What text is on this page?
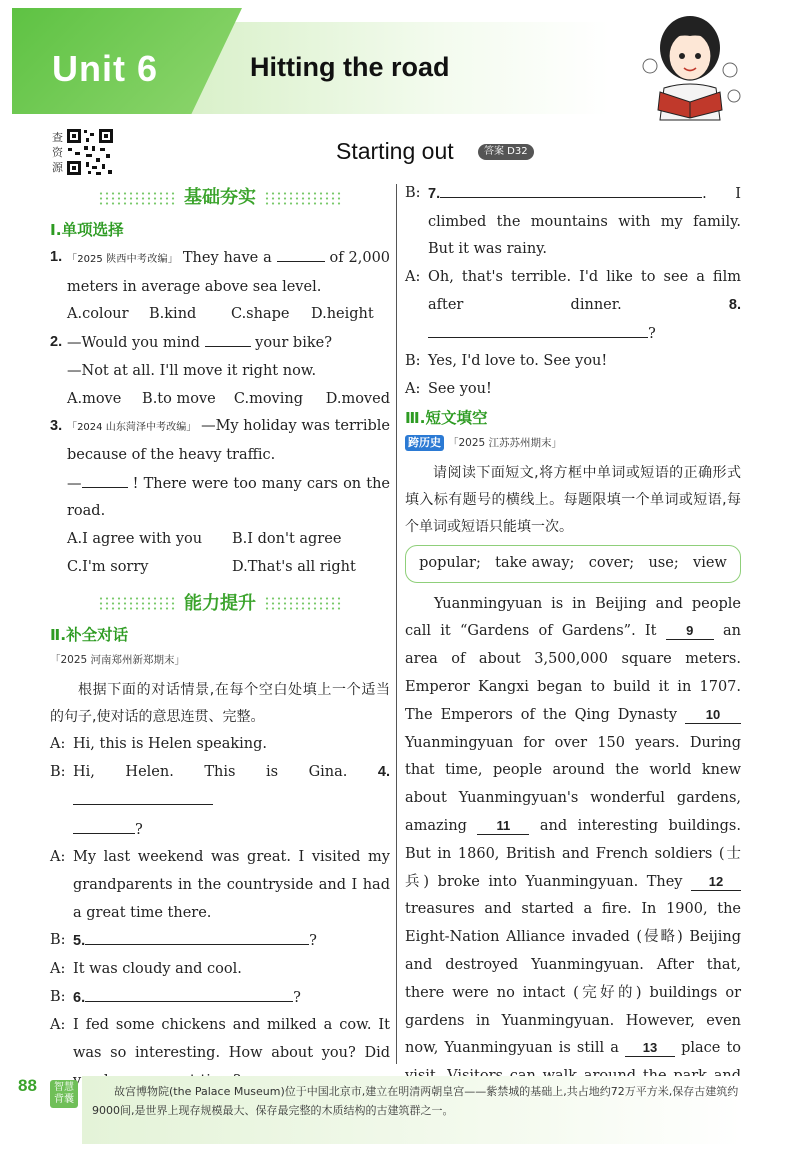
Unit 6	Hitting the road
查资源
Starting out	答案 D32
基础夯实
Ⅰ.单项选择
1. 「2025 陕西中考改编」 They have a	of 2,000 meters in average above sea level.
A.colour	B.kind	C.shape	D.height
2. —Would you mind	your bike?
—Not at all. I'll move it right now.
A.move	B.to move	C.moving	D.moved
3. 「2024 山东菏泽中考改编」 —My holiday was terrible because of the heavy traffic.
—	! There were too many cars on the road.
A.I agree with you	B.I don't agree
C.I'm sorry	D.That's all right
能力提升
Ⅱ.补全对话
「2025 河南郑州新郑期末」
根据下面的对话情景,在每个空白处填上一个适当的句子,使对话的意思连贯、完整。
A: Hi, this is Helen speaking.
B: Hi, Helen. This is Gina. 4.
?
A: My last weekend was great. I visited my grandparents in the countryside and I had a great time there.
B: 5.	?
A: It was cloudy and cool.
B: 6.	?
A: I fed some chickens and milked a cow. It was so interesting. How about you? Did
B: 7.	. I climbed the mountains with my family. But it was rainy.
A: Oh, that's terrible. I'd like to see a film after dinner.	8.?
B: Yes, I'd love to. See you!
A: See you!
Ⅲ.短文填空
跨历史 「2025 江苏苏州期末」
请阅读下面短文,将方框中单词或短语的正确形式填入标有题号的横线上。每题限填一个单词或短语,每个单词或短语只能填一次。
popular; take away; cover; use; view
Yuanmingyuan is in Beijing and people call it “Gardens of Gardens”. It 9 an area of about 3,500,000 square meters. Emperor Kangxi began to build it in 1707. The Emperors of the Qing Dynasty 10 Yuanmingyuan for over 150 years. During that time, people around the world knew about Yuanmingyuan's wonderful gardens, amazing 11 and interesting buildings. But in 1860, British and French soldiers (士兵) broke into Yuanmingyuan. They 12 treasures and started a fire. In 1900, the Eight-Nation Alliance invaded (侵略) Beijing and destroyed Yuanmingyuan. After that, there were no intact (完好的) buildings or gardens in Yuanmingyuan. However, even now, Yuanmingyuan is still a 13 place to
88	智慧背囊
故宫博物院(the Palace Museum)位于中国北京市,建立在明清两朝皇宫——紫禁城的基础上,共占地约72万平方米,保存古建筑约9000间,是世界上现存规模最大、保存最完整的木质结构的古建筑群之一。
